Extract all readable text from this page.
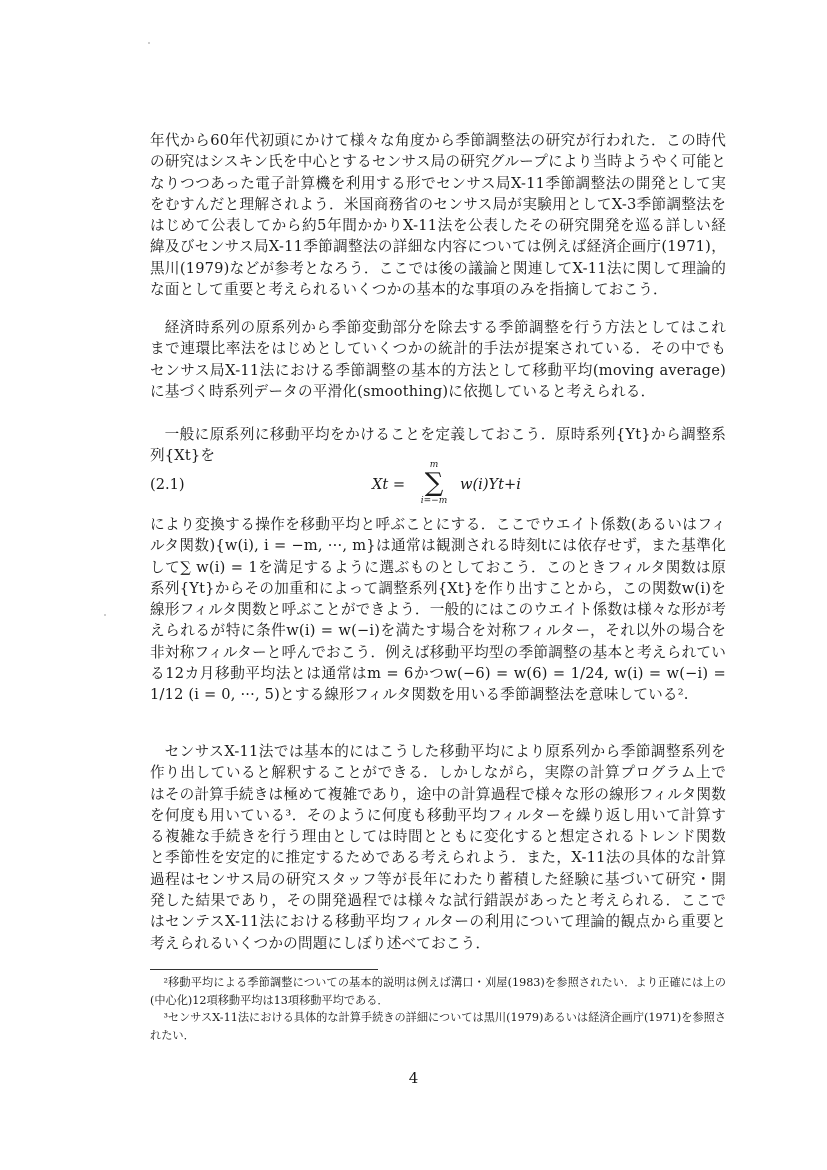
年代から60年代初頭にかけて様々な角度から季節調整法の研究が行われた．この時代の研究はシスキン氏を中心とするセンサス局の研究グループにより当時ようやく可能となりつつあった電子計算機を利用する形でセンサス局X-11季節調整法の開発として実をむすんだと理解されよう．米国商務省のセンサス局が実験用としてX-3季節調整法をはじめて公表してから約5年間かかりX-11法を公表したその研究開発を巡る詳しい経緯及びセンサス局X-11季節調整法の詳細な内容については例えば経済企画庁(1971)，黒川(1979)などが参考となろう．ここでは後の議論と関連してX-11法に関して理論的な面として重要と考えられるいくつかの基本的な事項のみを指摘しておこう．
経済時系列の原系列から季節変動部分を除去する季節調整を行う方法としてはこれまで連環比率法をはじめとしていくつかの統計的手法が提案されている．その中でもセンサス局X-11法における季節調整の基本的方法として移動平均(moving average)に基づく時系列データの平滑化(smoothing)に依拠していると考えられる．
一般に原系列に移動平均をかけることを定義しておこう．原時系列{Yt}から調整系列{Xt}を
(2.1)	Xt =
m
∑
i=−m
w(i)Yt+i
により変換する操作を移動平均と呼ぶことにする．ここでウエイト係数(あるいはフィルタ関数){w(i), i = −m, ···, m}は通常は観測される時刻tには依存せず，また基準化して∑ w(i) = 1を満足するように選ぶものとしておこう．このときフィルタ関数は原系列{Yt}からその加重和によって調整系列{Xt}を作り出すことから，この関数w(i)を線形フィルタ関数と呼ぶことができよう．一般的にはこのウエイト係数は様々な形が考えられるが特に条件w(i) = w(−i)を満たす場合を対称フィルター，それ以外の場合を非対称フィルターと呼んでおこう．例えば移動平均型の季節調整の基本と考えられている12カ月移動平均法とは通常はm = 6かつw(−6) = w(6) = 1/24, w(i) = w(−i) = 1/12 (i = 0, ···, 5)とする線形フィルタ関数を用いる季節調整法を意味している².
センサスX-11法では基本的にはこうした移動平均により原系列から季節調整系列を作り出していると解釈することができる．しかしながら，実際の計算プログラム上ではその計算手続きは極めて複雑であり，途中の計算過程で様々な形の線形フィルタ関数を何度も用いている³．そのように何度も移動平均フィルターを繰り返し用いて計算する複雑な手続きを行う理由としては時間とともに変化すると想定されるトレンド関数と季節性を安定的に推定するためである考えられよう．また，X-11法の具体的な計算過程はセンサス局の研究スタッフ等が長年にわたり蓄積した経験に基づいて研究・開発した結果であり，その開発過程では様々な試行錯誤があったと考えられる．ここではセンテスX-11法における移動平均フィルターの利用について理論的観点から重要と考えられるいくつかの問題にしぼり述べておこう．

²移動平均による季節調整についての基本的説明は例えば溝口・刈屋(1983)を参照されたい．より正確には上の(中心化)12項移動平均は13項移動平均である．

³センサスX-11法における具体的な計算手続きの詳細については黒川(1979)あるいは経済企画庁(1971)を参照されたい．

4
